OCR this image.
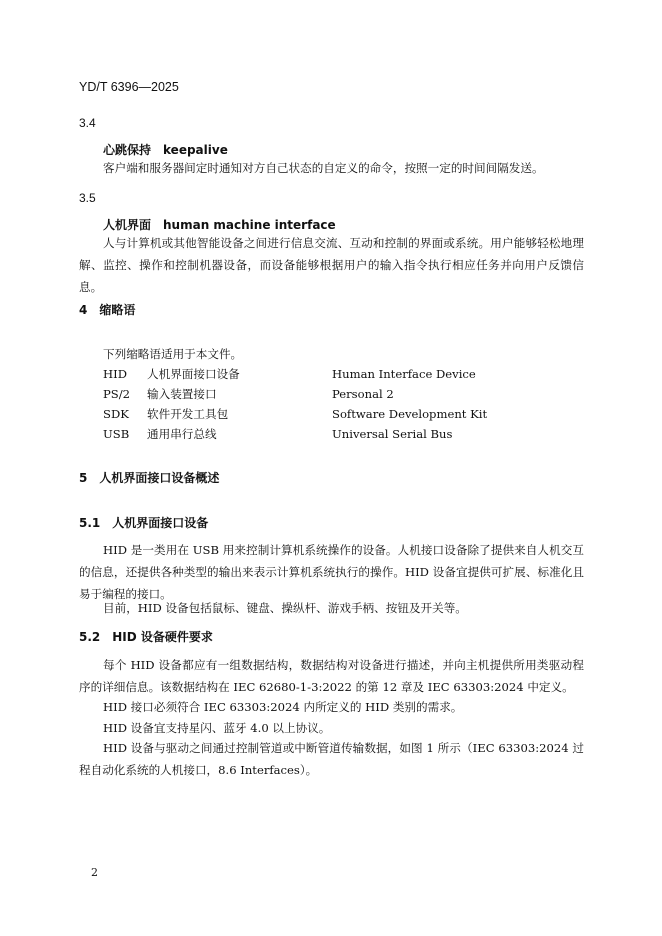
YD/T 6396—2025
3.4
心跳保持 keepalive
客户端和服务器间定时通知对方自己状态的自定义的命令，按照一定的时间间隔发送。
3.5
人机界面 human machine interface
人与计算机或其他智能设备之间进行信息交流、互动和控制的界面或系统。用户能够轻松地理解、监控、操作和控制机器设备，而设备能够根据用户的输入指令执行相应任务并向用户反馈信息。
4 缩略语
下列缩略语适用于本文件。
HID 人机界面接口设备	Human Interface Device
PS/2 输入装置接口	Personal 2
SDK 软件开发工具包	Software Development Kit
USB 通用串行总线	Universal Serial Bus
5 人机界面接口设备概述
5.1 人机界面接口设备
HID 是一类用在 USB 用来控制计算机系统操作的设备。人机接口设备除了提供来自人机交互的信息，还提供各种类型的输出来表示计算机系统执行的操作。HID 设备宜提供可扩展、标准化且易于编程的接口。
目前，HID 设备包括鼠标、键盘、操纵杆、游戏手柄、按钮及开关等。
5.2 HID 设备硬件要求
每个 HID 设备都应有一组数据结构，数据结构对设备进行描述，并向主机提供所用类驱动程序的详细信息。该数据结构在 IEC 62680-1-3:2022 的第 12 章及 IEC 63303:2024 中定义。
HID 接口必须符合 IEC 63303:2024 内所定义的 HID 类别的需求。
HID 设备宜支持星闪、蓝牙 4.0 以上协议。
HID 设备与驱动之间通过控制管道或中断管道传输数据，如图 1 所示（IEC 63303:2024 过程自动化系统的人机接口，8.6 Interfaces）。
2
